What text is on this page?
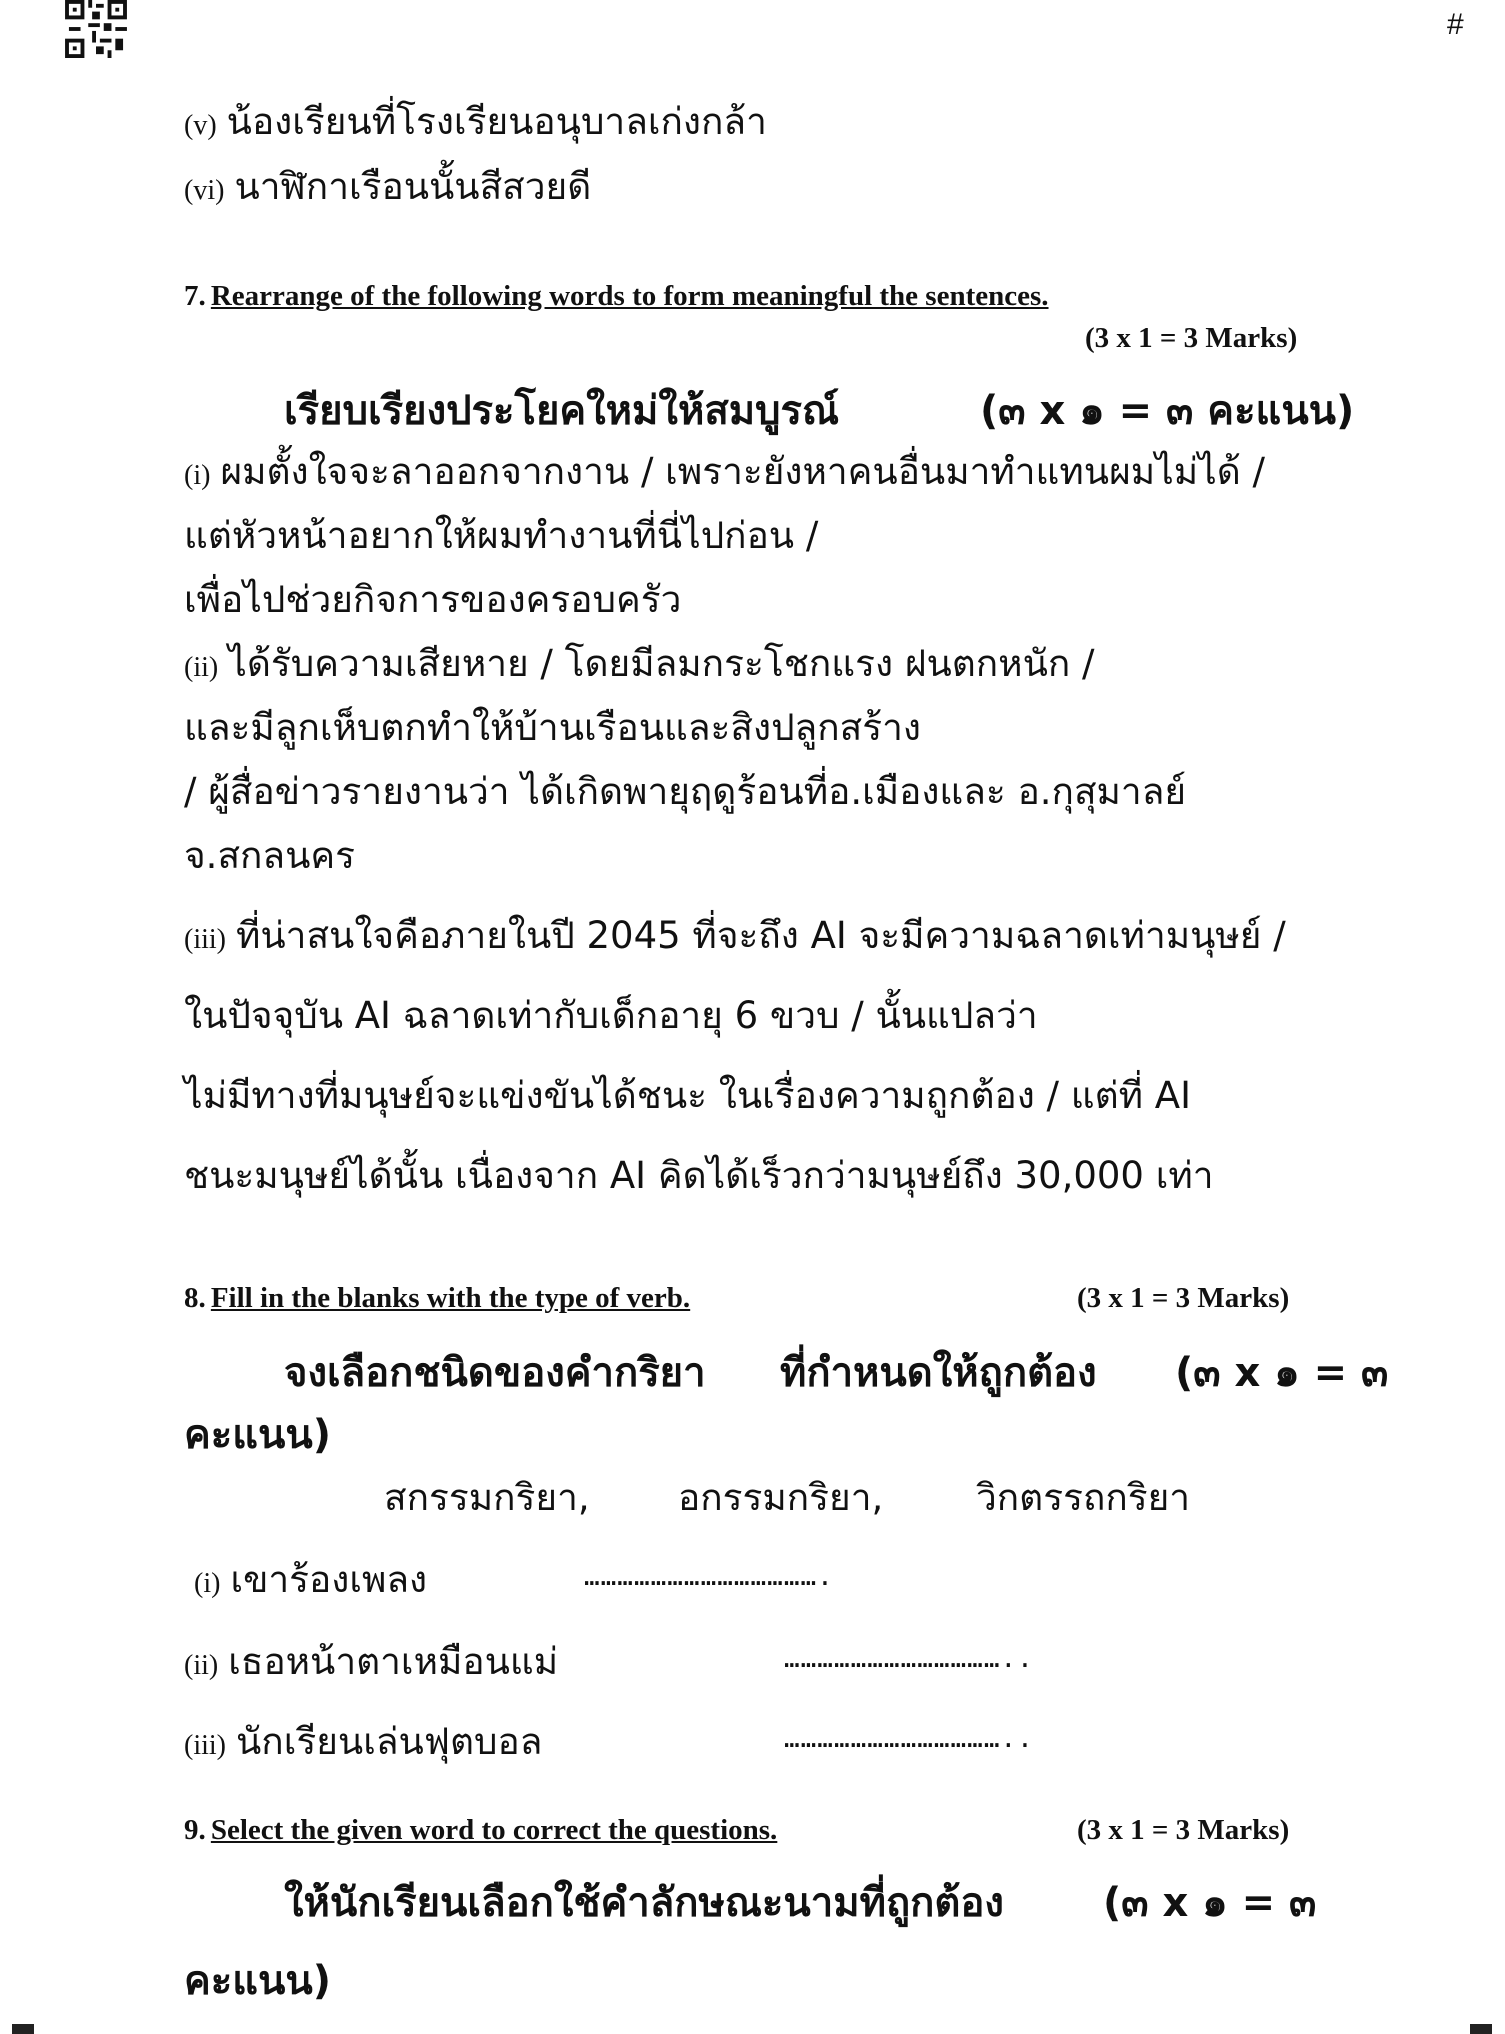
#
(v) น้องเรียนที่โรงเรียนอนุบาลเก่งกล้า
(vi) นาฬิกาเรือนนั้นสีสวยดี
7. Rearrange of the following words to form meaningful the sentences.
(3 x 1 = 3 Marks)
เรียบเรียงประโยคใหม่ให้สมบูรณ์	(๓ x ๑ = ๓ คะแนน)
(i) ผมตั้งใจจะลาออกจากงาน / เพราะยังหาคนอื่นมาทำแทนผมไม่ได้ /
แต่หัวหน้าอยากให้ผมทำงานที่นี่ไปก่อน /
เพื่อไปช่วยกิจการของครอบครัว
(ii) ได้รับความเสียหาย / โดยมีลมกระโชกแรง ฝนตกหนัก /
และมีลูกเห็บตกทำให้บ้านเรือนและสิงปลูกสร้าง
/ ผู้สื่อข่าวรายงานว่า ได้เกิดพายุฤดูร้อนที่อ.เมืองและ อ.กุสุมาลย์
จ.สกลนคร
(iii) ที่น่าสนใจคือภายในปี 2045 ที่จะถึง AI จะมีความฉลาดเท่ามนุษย์ /
ในปัจจุบัน AI ฉลาดเท่ากับเด็กอายุ 6 ขวบ / นั้นแปลว่า
ไม่มีทางที่มนุษย์จะแข่งขันได้ชนะ ในเรื่องความถูกต้อง / แต่ที่ AI
ชนะมนุษย์ได้นั้น เนื่องจาก AI คิดได้เร็วกว่ามนุษย์ถึง 30,000 เท่า
8. Fill in the blanks with the type of verb.	(3 x 1 = 3 Marks)
จงเลือกชนิดของคำกริยา ที่กำหนดให้ถูกต้อง (๓ x ๑ = ๓
คะแนน)
สกรรมกริยา, อกรรมกริยา,	วิกตรรถกริยา
(i) เขาร้องเพลง	…………………………………….
(ii) เธอหน้าตาเหมือนแม่	…………………………………..
(iii) นักเรียนเล่นฟุตบอล	…………………………………..
9. Select the given word to correct the questions.	(3 x 1 = 3 Marks)
ให้นักเรียนเลือกใช้คำลักษณะนามที่ถูกต้อง (๓ x ๑ = ๓
คะแนน)
